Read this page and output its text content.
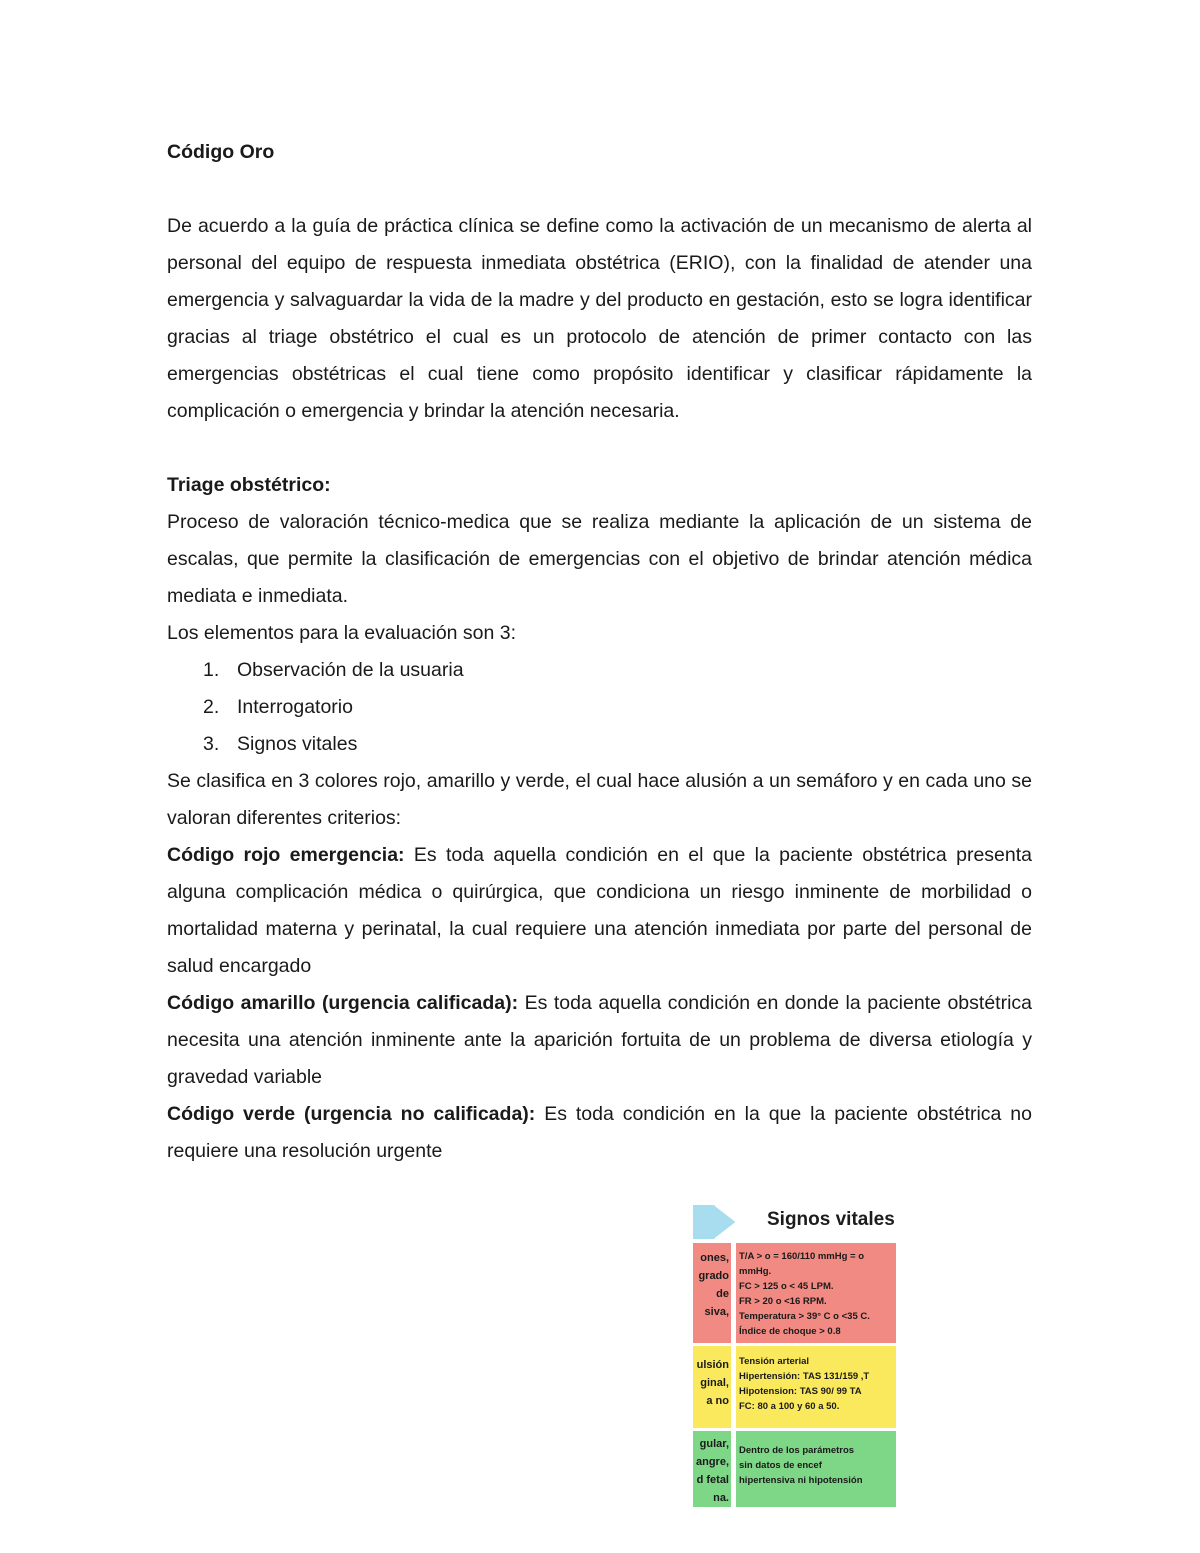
Código Oro

De acuerdo a la guía de práctica clínica se define como la activación de un mecanismo de alerta al personal del equipo de respuesta inmediata obstétrica (ERIO), con la finalidad de atender una emergencia y salvaguardar la vida de la madre y del producto en gestación, esto se logra identificar gracias al triage obstétrico el cual es un protocolo de atención de primer contacto con las emergencias obstétricas el cual tiene como propósito identificar y clasificar rápidamente la complicación o emergencia y brindar la atención necesaria.

Triage obstétrico:

Proceso de valoración técnico-medica que se realiza mediante la aplicación de un sistema de escalas, que permite la clasificación de emergencias con el objetivo de brindar atención médica mediata e inmediata.

Los elementos para la evaluación son 3:

1. Observación de la usuaria
2. Interrogatorio
3. Signos vitales

Se clasifica en 3 colores rojo, amarillo y verde, el cual hace alusión a un semáforo y en cada uno se valoran diferentes criterios:

Código rojo emergencia: Es toda aquella condición en el que la paciente obstétrica presenta alguna complicación médica o quirúrgica, que condiciona un riesgo inminente de morbilidad o mortalidad materna y perinatal, la cual requiere una atención inmediata por parte del personal de salud encargado

Código amarillo (urgencia calificada): Es toda aquella condición en donde la paciente obstétrica necesita una atención inminente ante la aparición fortuita de un problema de diversa etiología y gravedad variable

Código verde (urgencia no calificada): Es toda condición en la que la paciente obstétrica no requiere una resolución urgente

Signos vitales
ones,
grado
de
siva,
T/A > o = 160/110 mmHg = o
mmHg.
FC > 125 o < 45 LPM.
FR > 20 o <16 RPM.
Temperatura > 39° C o <35 C.
Índice de choque > 0.8
ulsión
ginal,
a no
Tensión arterial
Hipertensión: TAS 131/159 ,T
Hipotension: TAS 90/ 99 TA
FC: 80 a 100 y 60 a 50.
gular,
angre,
d fetal
na.
Dentro de los parámetros
sin datos de encef
hipertensiva ni hipotensión
